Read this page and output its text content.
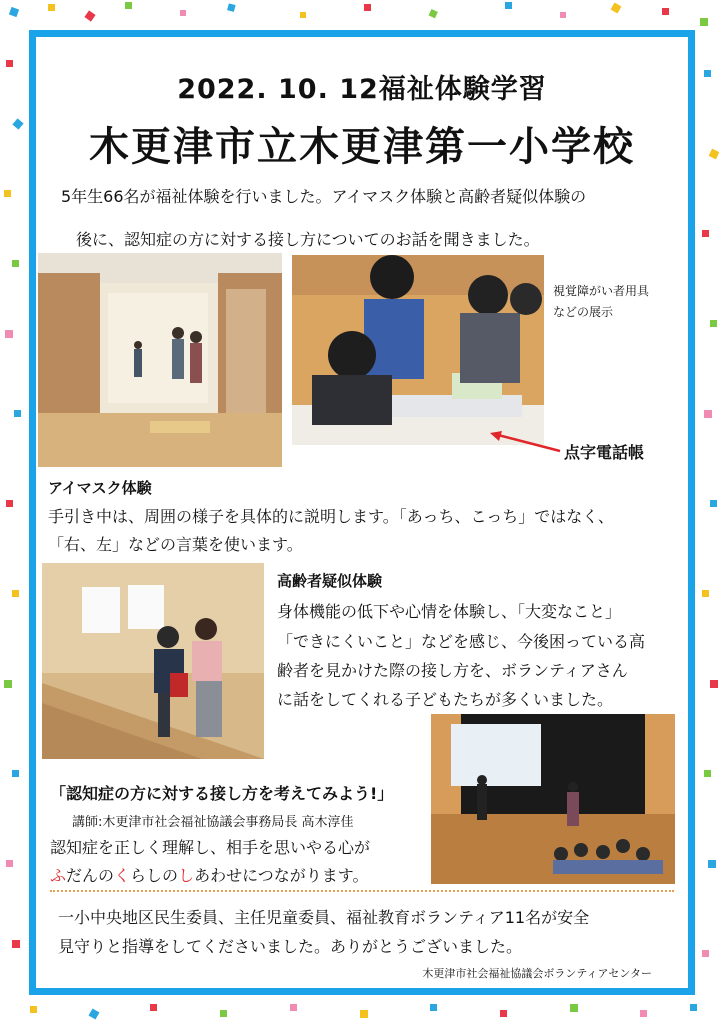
2022. 10. 12福祉体験学習
木更津市立木更津第一小学校
5年生66名が福祉体験を行いました。アイマスク体験と高齢者疑似体験の
後に、認知症の方に対する接し方についてのお話を聞きました。
視覚障がい者用具
などの展示
点字電話帳
アイマスク体験
手引き中は、周囲の様子を具体的に説明します。「あっち、こっち」ではなく、
「右、左」などの言葉を使います。
高齢者疑似体験
身体機能の低下や心情を体験し、「大変なこと」
「できにくいこと」などを感じ、今後困っている高
齢者を見かけた際の接し方を、ボランティアさん
に話をしてくれる子どもたちが多くいました。
「認知症の方に対する接し方を考えてみよう!」
講師:木更津市社会福祉協議会事務局長 高木淳佳
認知症を正しく理解し、相手を思いやる心が
ふだんのくらしのしあわせにつながります。
一小中央地区民生委員、主任児童委員、福祉教育ボランティア11名が安全
見守りと指導をしてくださいました。ありがとうございました。
木更津市社会福祉協議会ボランティアセンター
